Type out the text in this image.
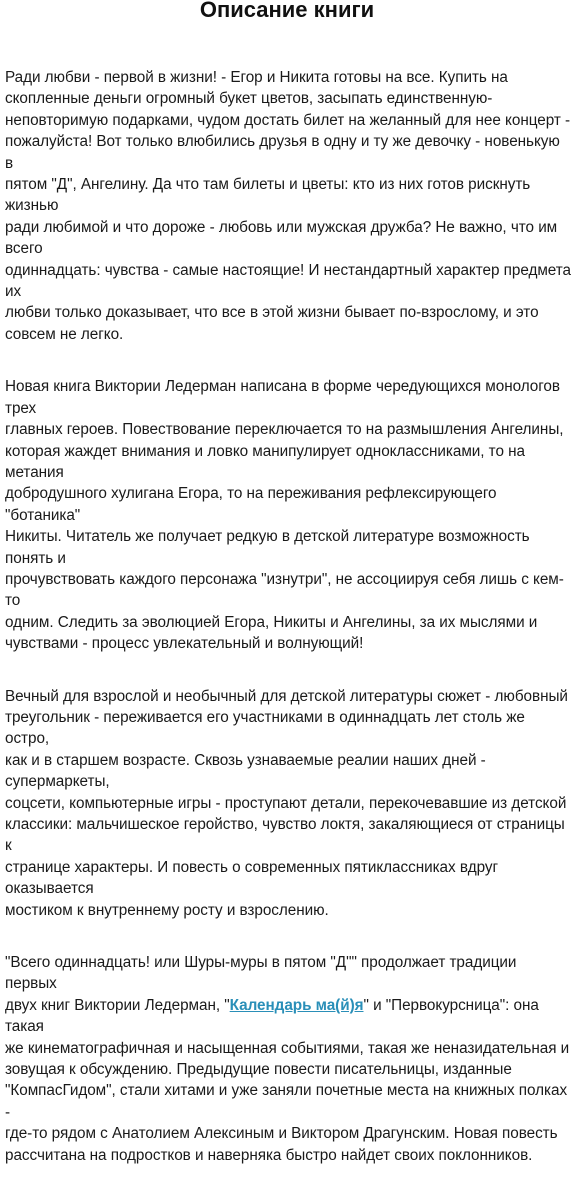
Описание книги

Ради любви - первой в жизни! - Егор и Никита готовы на все. Купить на
скопленные деньги огромный букет цветов, засыпать единственную-
неповторимую подарками, чудом достать билет на желанный для нее концерт -
пожалуйста! Вот только влюбились друзья в одну и ту же девочку - новенькую в
пятом "Д", Ангелину. Да что там билеты и цветы: кто из них готов рискнуть жизнью
ради любимой и что дороже - любовь или мужская дружба? Не важно, что им всего
одиннадцать: чувства - самые настоящие! И нестандартный характер предмета их
любви только доказывает, что все в этой жизни бывает по-взрослому, и это
совсем не легко.

Новая книга Виктории Ледерман написана в форме чередующихся монологов трех
главных героев. Повествование переключается то на размышления Ангелины,
которая жаждет внимания и ловко манипулирует одноклассниками, то на метания
добродушного хулигана Егора, то на переживания рефлексирующего "ботаника"
Никиты. Читатель же получает редкую в детской литературе возможность понять и
прочувствовать каждого персонажа "изнутри", не ассоциируя себя лишь с кем-то
одним. Следить за эволюцией Егора, Никиты и Ангелины, за их мыслями и
чувствами - процесс увлекательный и волнующий!

Вечный для взрослой и необычный для детской литературы сюжет - любовный
треугольник - переживается его участниками в одиннадцать лет столь же остро,
как и в старшем возрасте. Сквозь узнаваемые реалии наших дней - супермаркеты,
соцсети, компьютерные игры - проступают детали, перекочевавшие из детской
классики: мальчишеское геройство, чувство локтя, закаляющиеся от страницы к
странице характеры. И повесть о современных пятиклассниках вдруг оказывается
мостиком к внутреннему росту и взрослению.

"Всего одиннадцать! или Шуры-муры в пятом "Д"" продолжает традиции первых
двух книг Виктории Ледерман, "Календарь ма(й)я" и "Первокурсница": она такая
же кинематографичная и насыщенная событиями, такая же неназидательная и
зовущая к обсуждению. Предыдущие повести писательницы, изданные
"КомпасГидом", стали хитами и уже заняли почетные места на книжных полках -
где-то рядом с Анатолием Алексиным и Виктором Драгунским. Новая повесть
рассчитана на подростков и наверняка быстро найдет своих поклонников.
